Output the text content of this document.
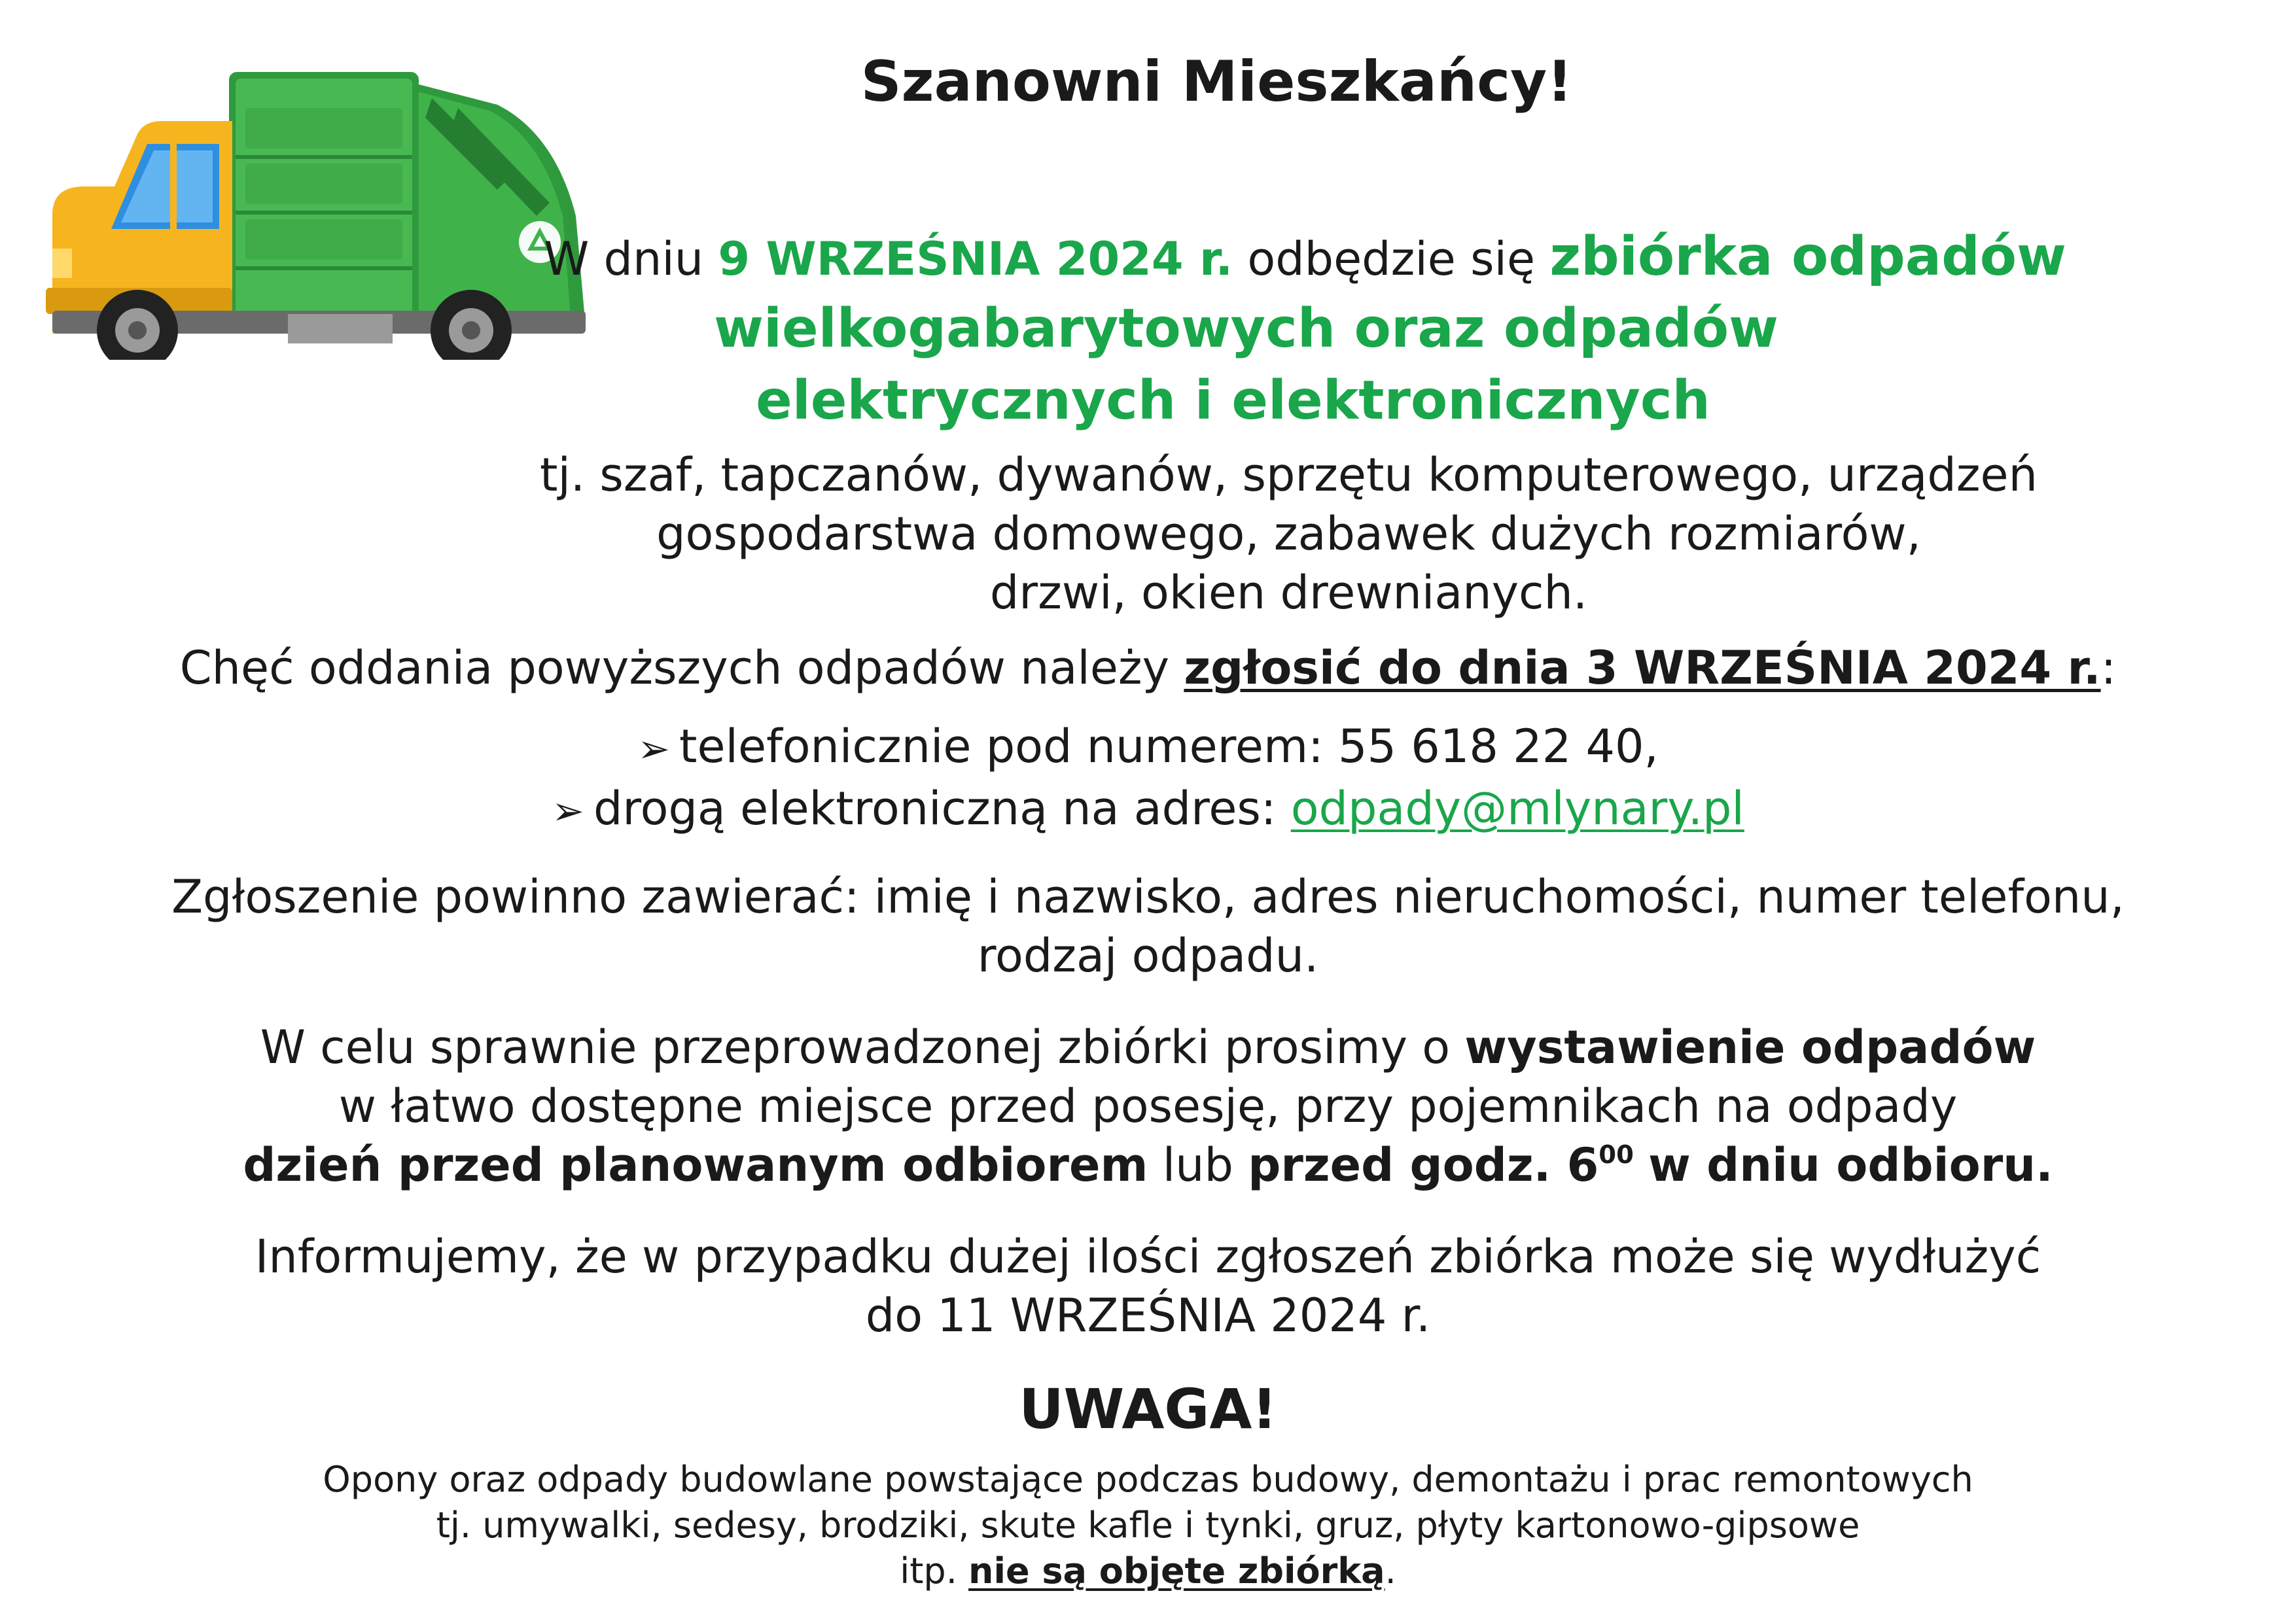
Szanowni Mieszkańcy!
W dniu 9 WRZEŚNIA 2024 r. odbędzie się zbiórka odpadów
wielkogabarytowych oraz odpadów
elektrycznych i elektronicznych
tj. szaf, tapczanów, dywanów, sprzętu komputerowego, urządzeń
gospodarstwa domowego, zabawek dużych rozmiarów,
drzwi, okien drewnianych.
Chęć oddania powyższych odpadów należy zgłosić do dnia 3 WRZEŚNIA 2024 r.:
➢ telefonicznie pod numerem: 55 618 22 40,
➢ drogą elektroniczną na adres: odpady@mlynary.pl
Zgłoszenie powinno zawierać: imię i nazwisko, adres nieruchomości, numer telefonu,
rodzaj odpadu.
W celu sprawnie przeprowadzonej zbiórki prosimy o wystawienie odpadów
w łatwo dostępne miejsce przed posesję, przy pojemnikach na odpady
dzień przed planowanym odbiorem lub przed godz. $6^{00}$ w dniu odbioru.
Informujemy, że w przypadku dużej ilości zgłoszeń zbiórka może się wydłużyć
do 11 WRZEŚNIA 2024 r.
UWAGA!
Opony oraz odpady budowlane powstające podczas budowy, demontażu i prac remontowych
tj. umywalki, sedesy, brodziki, skute kafle i tynki, gruz, płyty kartonowo-gipsowe
itp. nie są objęte zbiórką.
